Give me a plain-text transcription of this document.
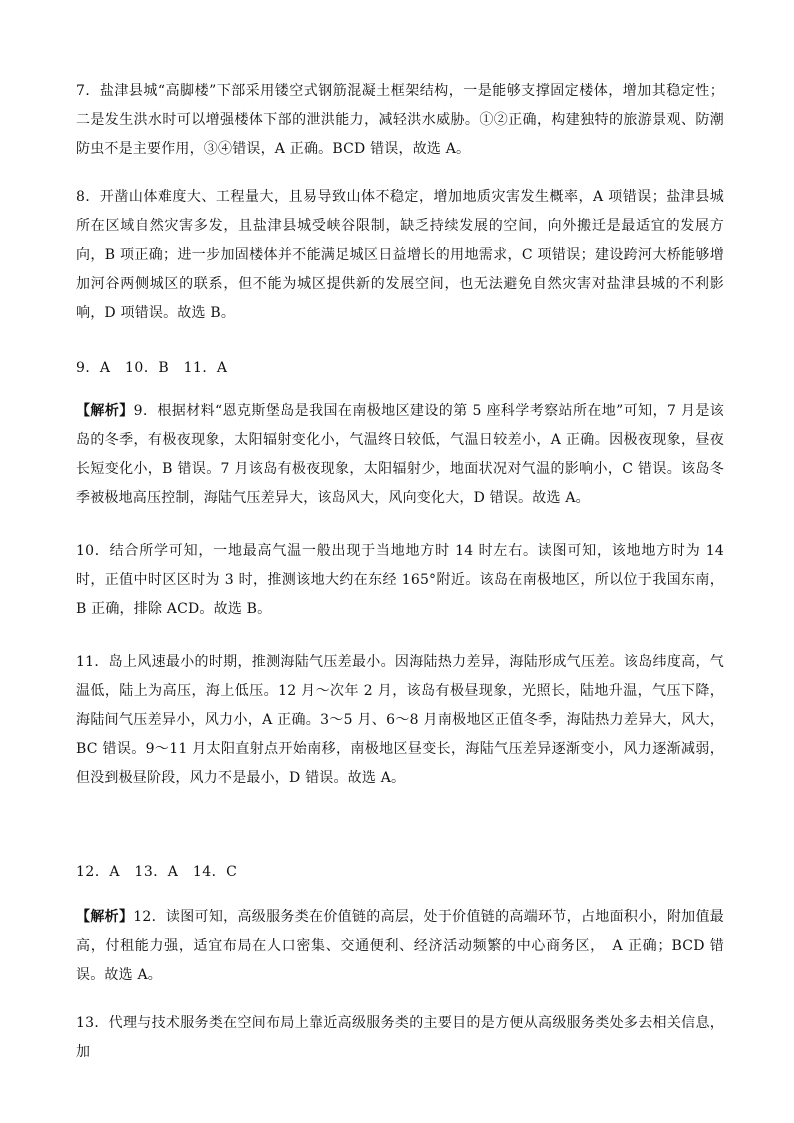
7．盐津县城“高脚楼”下部采用镂空式钢筋混凝土框架结构，一是能够支撑固定楼体，增加其稳定性；二是发生洪水时可以增强楼体下部的泄洪能力，减轻洪水威胁。①②正确，构建独特的旅游景观、防潮防虫不是主要作用，③④错误，A 正确。BCD 错误，故选 A。

8．开凿山体难度大、工程量大，且易导致山体不稳定，增加地质灾害发生概率，A 项错误；盐津县城所在区域自然灾害多发，且盐津县城受峡谷限制，缺乏持续发展的空间，向外搬迁是最适宜的发展方向，B 项正确；进一步加固楼体并不能满足城区日益增长的用地需求，C 项错误；建设跨河大桥能够增加河谷两侧城区的联系，但不能为城区提供新的发展空间，也无法避免自然灾害对盐津县城的不利影响，D 项错误。故选 B。

9．A　10．B　11．A

【解析】9．根据材料“恩克斯堡岛是我国在南极地区建设的第 5 座科学考察站所在地”可知，7 月是该岛的冬季，有极夜现象，太阳辐射变化小，气温终日较低，气温日较差小，A 正确。因极夜现象，昼夜长短变化小，B 错误。7 月该岛有极夜现象，太阳辐射少，地面状况对气温的影响小，C 错误。该岛冬季被极地高压控制，海陆气压差异大，该岛风大，风向变化大，D 错误。故选 A。

10．结合所学可知，一地最高气温一般出现于当地地方时 14 时左右。读图可知，该地地方时为 14 时，正值中时区区时为 3 时，推测该地大约在东经 165°附近。该岛在南极地区，所以位于我国东南，B 正确，排除 ACD。故选 B。

11．岛上风速最小的时期，推测海陆气压差最小。因海陆热力差异，海陆形成气压差。该岛纬度高，气温低，陆上为高压，海上低压。12 月～次年 2 月，该岛有极昼现象，光照长，陆地升温，气压下降，海陆间气压差异小，风力小，A 正确。3～5 月、6～8 月南极地区正值冬季，海陆热力差异大，风大，BC 错误。9～11 月太阳直射点开始南移，南极地区昼变长，海陆气压差异逐渐变小，风力逐渐减弱，但没到极昼阶段，风力不是最小，D 错误。故选 A。

12．A　13．A　14．C

【解析】12．读图可知，高级服务类在价值链的高层，处于价值链的高端环节，占地面积小，附加值最高，付租能力强，适宜布局在人口密集、交通便利、经济活动频繁的中心商务区，　A 正确；BCD 错误。故选 A。

13．代理与技术服务类在空间布局上靠近高级服务类的主要目的是方便从高级服务类处多去相关信息，加
